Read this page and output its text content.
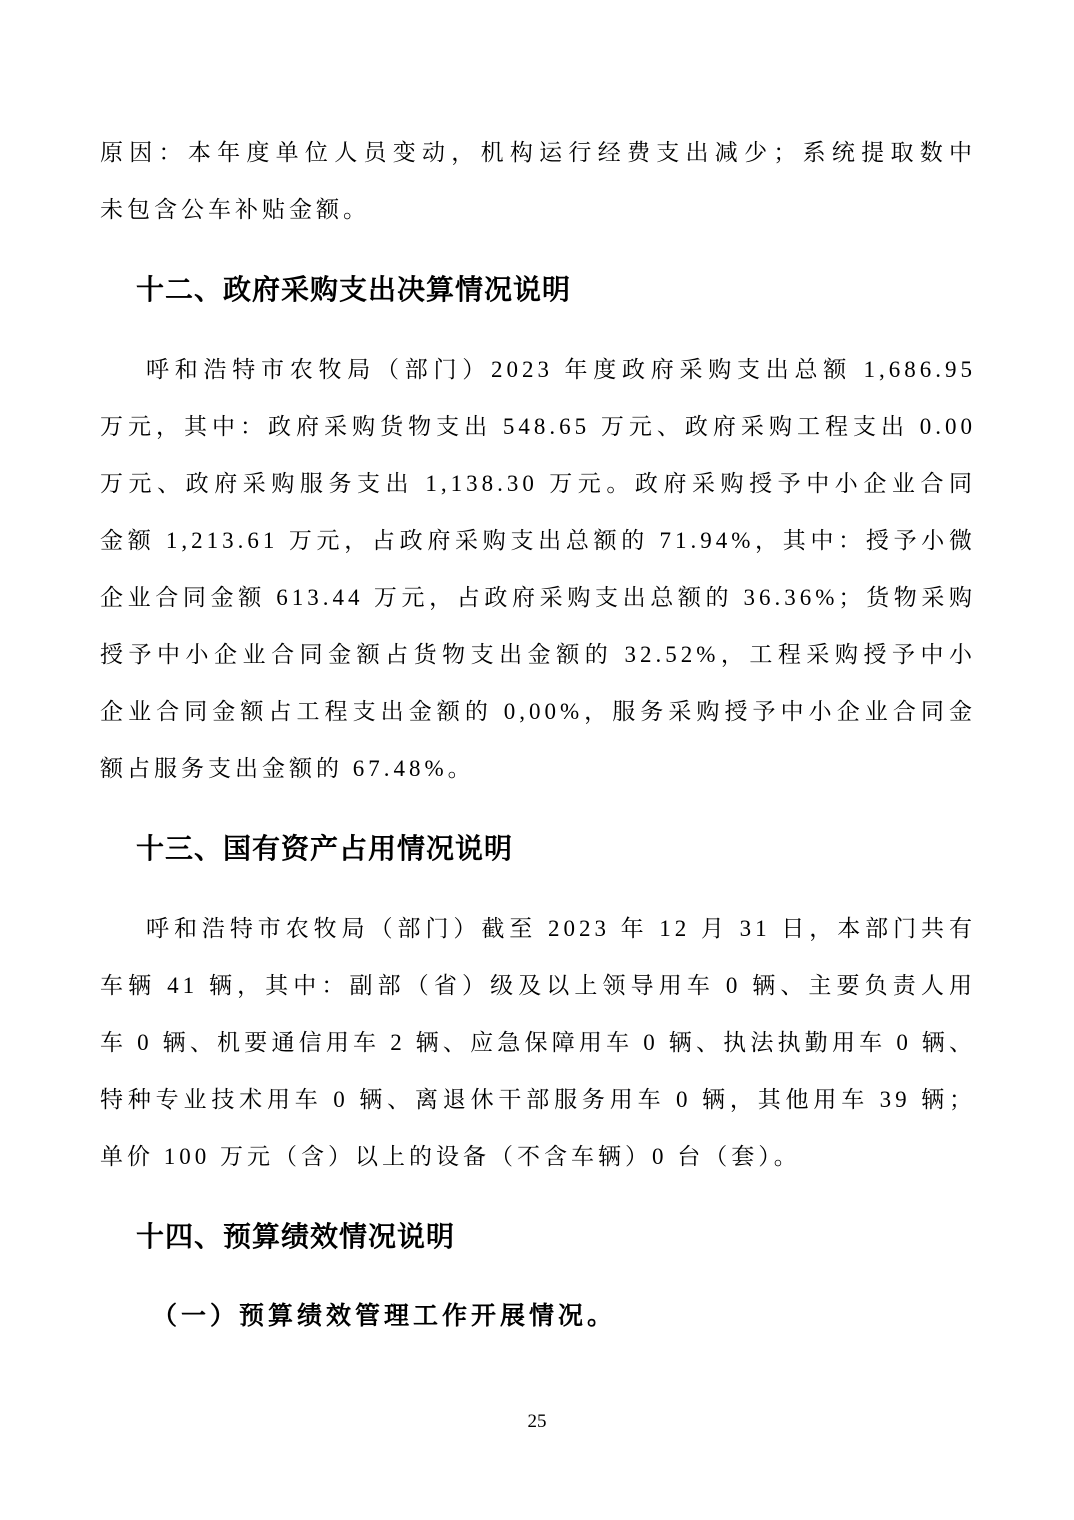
原因：本年度单位人员变动，机构运行经费支出减少；系统提取数中

未包含公车补贴金额。

十二、政府采购支出决算情况说明

呼和浩特市农牧局（部门）2023 年度政府采购支出总额 1,686.95

万元，其中：政府采购货物支出 548.65 万元、政府采购工程支出 0.00

万元、政府采购服务支出 1,138.30 万元。政府采购授予中小企业合同

金额 1,213.61 万元，占政府采购支出总额的 71.94%，其中：授予小微

企业合同金额 613.44 万元，占政府采购支出总额的 36.36%；货物采购

授予中小企业合同金额占货物支出金额的 32.52%，工程采购授予中小

企业合同金额占工程支出金额的 0,00%，服务采购授予中小企业合同金

额占服务支出金额的 67.48%。

十三、国有资产占用情况说明

呼和浩特市农牧局（部门）截至 2023 年 12 月 31 日，本部门共有

车辆 41 辆，其中：副部（省）级及以上领导用车 0 辆、主要负责人用

车 0 辆、机要通信用车 2 辆、应急保障用车 0 辆、执法执勤用车 0 辆、

特种专业技术用车 0 辆、离退休干部服务用车 0 辆，其他用车 39 辆；

单价 100 万元（含）以上的设备（不含车辆）0 台（套）。

十四、预算绩效情况说明

（一）预算绩效管理工作开展情况。

25
